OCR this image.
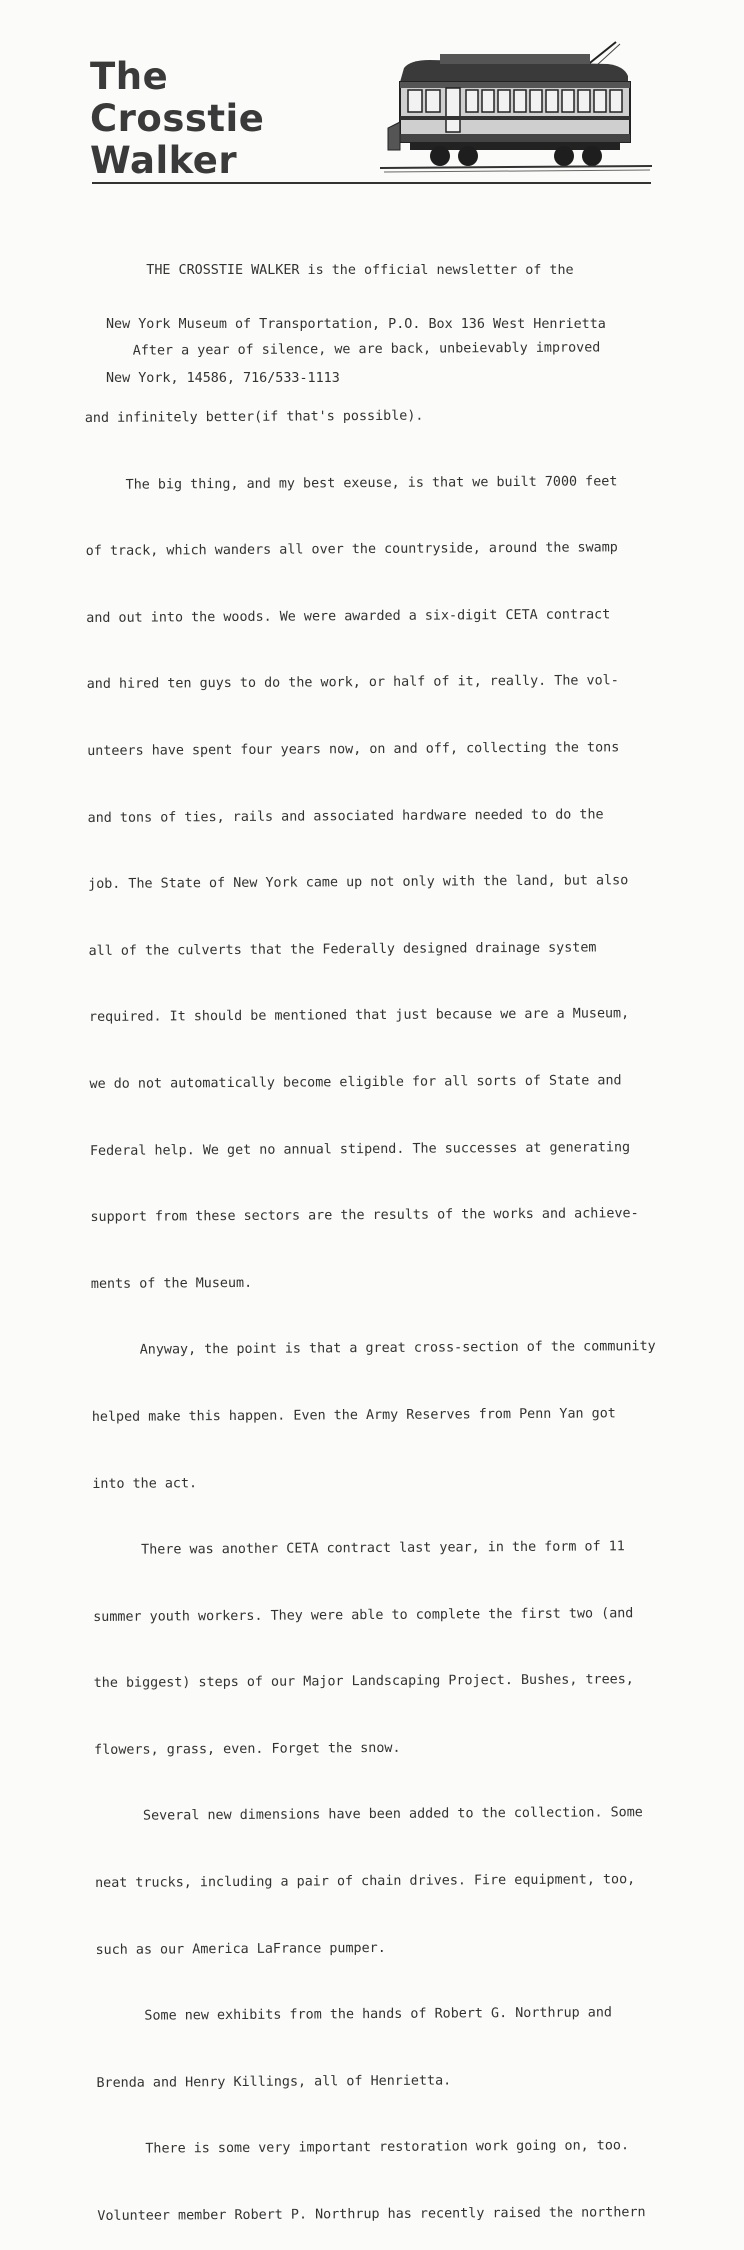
The
Crosstie
Walker

THE CROSSTIE WALKER is the official newsletter of the

New York Museum of Transportation, P.O. Box 136 West Henrietta

New York, 14586, 716/533-1113

After a year of silence, we are back, unbeievably improved

and infinitely better(if that's possible).

The big thing, and my best exeuse, is that we built 7000 feet

of track, which wanders all over the countryside, around the swamp

and out into the woods. We were awarded a six-digit CETA contract

and hired ten guys to do the work, or half of it, really. The vol-

unteers have spent four years now, on and off, collecting the tons

and tons of ties, rails and associated hardware needed to do the

job. The State of New York came up not only with the land, but also

all of the culverts that the Federally designed drainage system

required. It should be mentioned that just because we are a Museum,

we do not automatically become eligible for all sorts of State and

Federal help. We get no annual stipend. The successes at generating

support from these sectors are the results of the works and achieve-

ments of the Museum.

Anyway, the point is that a great cross-section of the community

helped make this happen. Even the Army Reserves from Penn Yan got

into the act.

There was another CETA contract last year, in the form of 11

summer youth workers. They were able to complete the first two (and

the biggest) steps of our Major Landscaping Project. Bushes, trees,

flowers, grass, even. Forget the snow.

Several new dimensions have been added to the collection. Some

neat trucks, including a pair of chain drives. Fire equipment, too,

such as our America LaFrance pumper.

Some new exhibits from the hands of Robert G. Northrup and

Brenda and Henry Killings, all of Henrietta.

There is some very important restoration work going on, too.

Volunteer member Robert P. Northrup has recently raised the northern
